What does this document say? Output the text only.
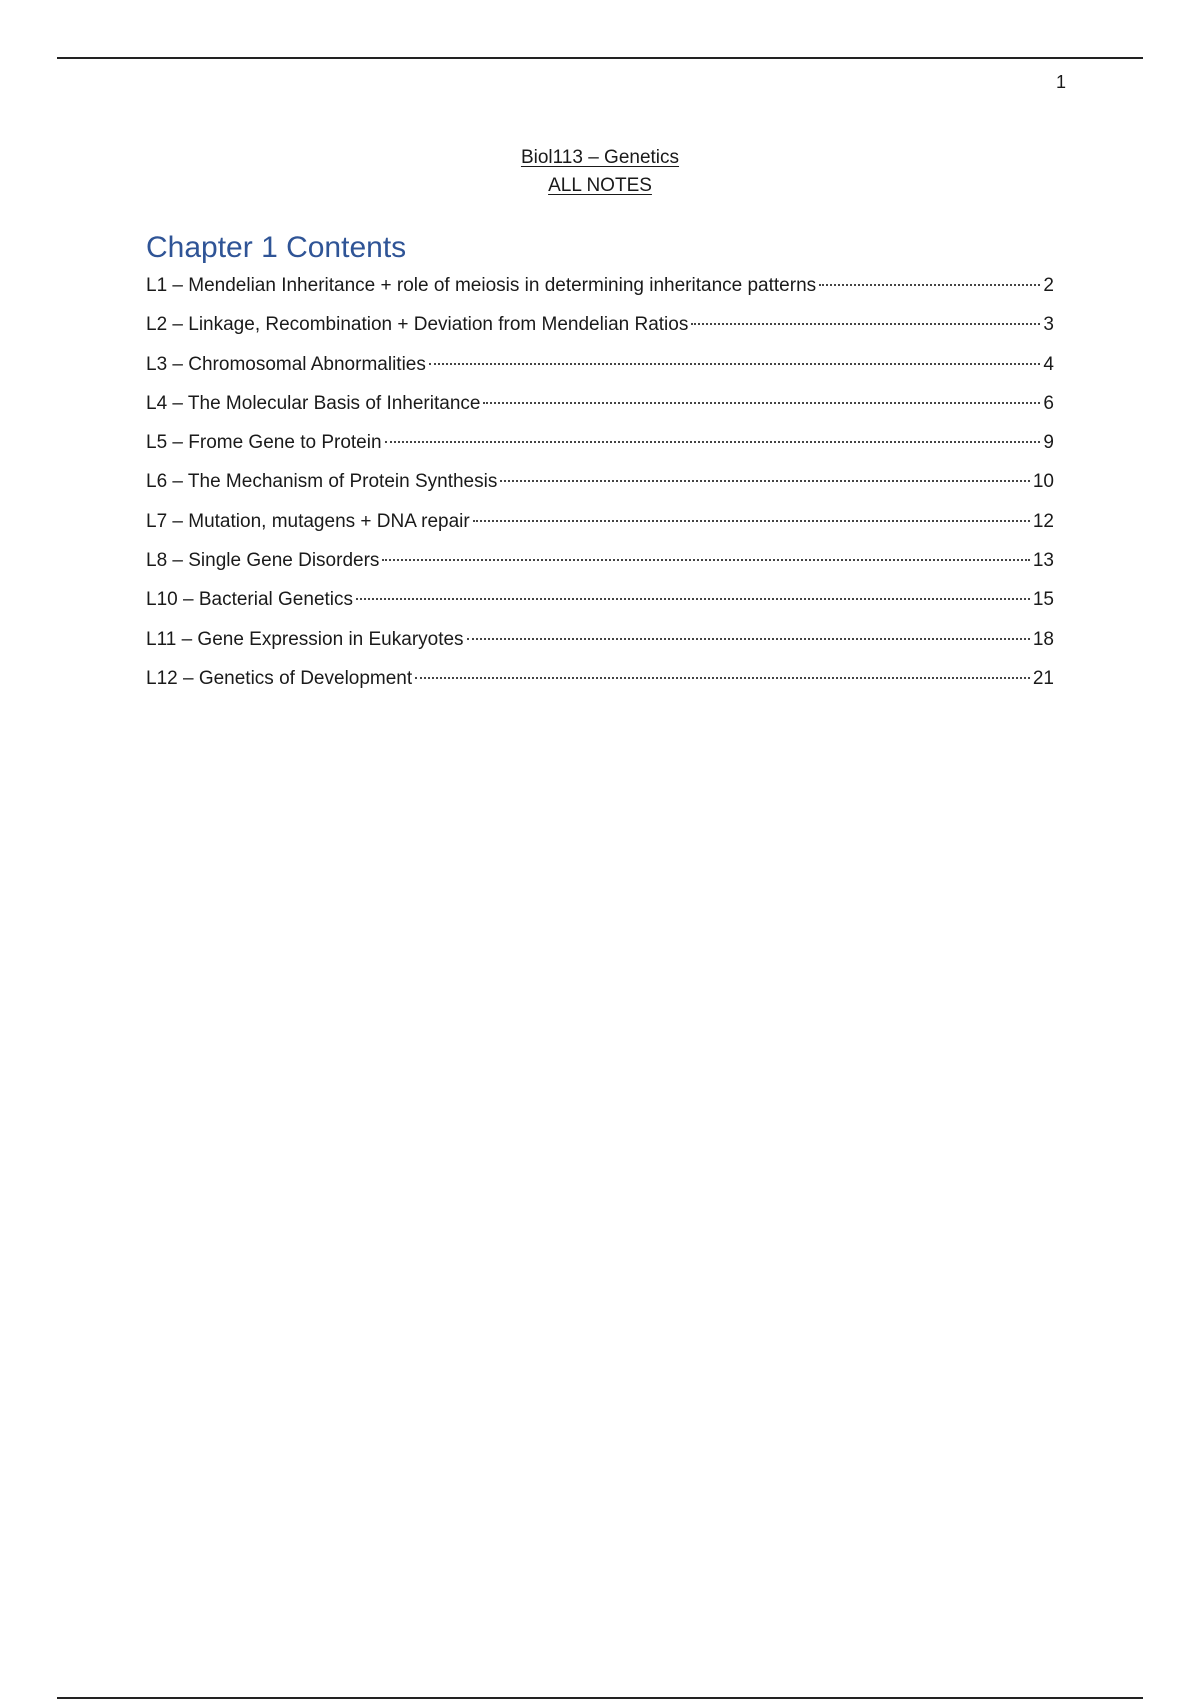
1
Biol113 – Genetics
ALL NOTES
Chapter 1 Contents
L1 – Mendelian Inheritance + role of meiosis in determining inheritance patterns	2
L2 – Linkage, Recombination + Deviation from Mendelian Ratios	3
L3 – Chromosomal Abnormalities	4
L4 – The Molecular Basis of Inheritance	6
L5 – Frome Gene to Protein	9
L6 – The Mechanism of Protein Synthesis	10
L7 – Mutation, mutagens + DNA repair	12
L8 – Single Gene Disorders	13
L10 – Bacterial Genetics	15
L11 – Gene Expression in Eukaryotes	18
L12 – Genetics of Development	21
